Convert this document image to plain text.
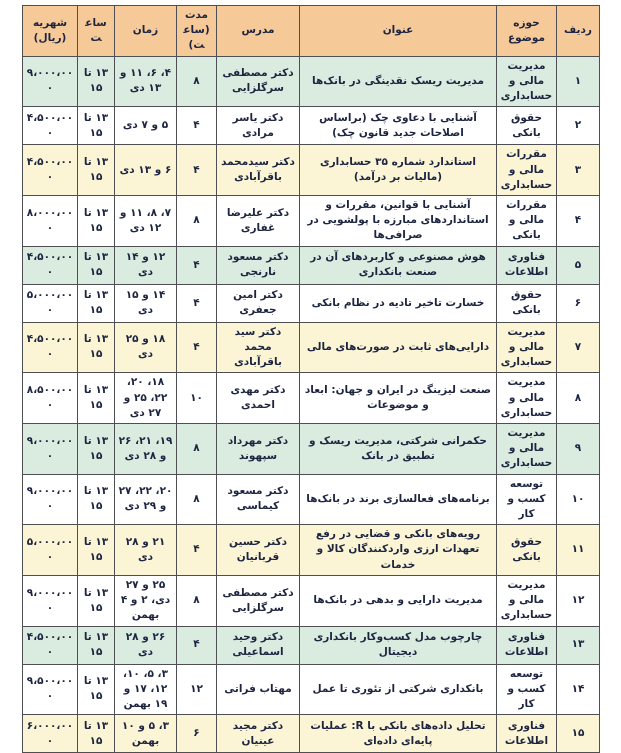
ردیف	حوزه موضوع	عنوان	مدرس	مدت (ساعت)	زمان	ساعت	شهریه (ریال)
۱	مدیریت مالی و حسابداری	مدیریت ریسک نقدینگی در بانک‌ها	دکتر مصطفی سرگلزایی	۸	۴، ۶، ۱۱ و ۱۳ دی	۱۳ تا ۱۵	۹،۰۰۰،۰۰۰
۲	حقوق بانکی	آشنایی با دعاوی چک (براساس اصلاحات جدید قانون چک)	دکتر یاسر مرادی	۴	۵ و ۷ دی	۱۳ تا ۱۵	۴،۵۰۰،۰۰۰
۳	مقررات مالی و حسابداری	استاندارد شماره ۳۵ حسابداری (مالیات بر درآمد)	دکتر سیدمحمد باقرآبادی	۴	۶ و ۱۳ دی	۱۳ تا ۱۵	۴،۵۰۰،۰۰۰
۴	مقررات مالی و بانکی	آشنایی با قوانین، مقررات و استانداردهای مبارزه با پولشویی در صرافی‌ها	دکتر علیرضا غفاری	۸	۷، ۸، ۱۱ و ۱۲ دی	۱۳ تا ۱۵	۸،۰۰۰،۰۰۰
۵	فناوری اطلاعات	هوش مصنوعی و کاربردهای آن در صنعت بانکداری	دکتر مسعود نارنجی	۴	۱۲ و ۱۴ دی	۱۳ تا ۱۵	۴،۵۰۰،۰۰۰
۶	حقوق بانکی	خسارت تاخیر تادیه در نظام بانکی	دکتر امین جعفری	۴	۱۴ و ۱۵ دی	۱۳ تا ۱۵	۵،۰۰۰،۰۰۰
۷	مدیریت مالی و حسابداری	دارایی‌های ثابت در صورت‌های مالی	دکتر سید محمد باقرآبادی	۴	۱۸ و ۲۵ دی	۱۳ تا ۱۵	۴،۵۰۰،۰۰۰
۸	مدیریت مالی و حسابداری	صنعت لیزینگ در ایران و جهان: ابعاد و موضوعات	دکتر مهدی احمدی	۱۰	۱۸، ۲۰، ۲۲، ۲۵ و ۲۷ دی	۱۳ تا ۱۵	۸،۵۰۰،۰۰۰
۹	مدیریت مالی و حسابداری	حکمرانی شرکتی، مدیریت ریسک و تطبیق در بانک	دکتر مهرداد سپهوند	۸	۱۹، ۲۱، ۲۶ و ۲۸ دی	۱۳ تا ۱۵	۹،۰۰۰،۰۰۰
۱۰	توسعه کسب و کار	برنامه‌های فعالسازی برند در بانک‌ها	دکتر مسعود کیماسی	۸	۲۰، ۲۲، ۲۷ و ۲۹ دی	۱۳ تا ۱۵	۹،۰۰۰،۰۰۰
۱۱	حقوق بانکی	رویه‌های بانکی و قضایی در رفع تعهدات ارزی واردکنندگان کالا و خدمات	دکتر حسین قربانیان	۴	۲۱ و ۲۸ دی	۱۳ تا ۱۵	۵،۰۰۰،۰۰۰
۱۲	مدیریت مالی و حسابداری	مدیریت دارایی و بدهی در بانک‌ها	دکتر مصطفی سرگلزایی	۸	۲۵ و ۲۷ دی، ۲ و ۴ بهمن	۱۳ تا ۱۵	۹،۰۰۰،۰۰۰
۱۳	فناوری اطلاعات	چارچوب مدل کسب‌وکار بانکداری دیجیتال	دکتر وحید اسماعیلی	۴	۲۶ و ۲۸ دی	۱۳ تا ۱۵	۴،۵۰۰،۰۰۰
۱۴	توسعه کسب و کار	بانکداری شرکتی از تئوری تا عمل	مهتاب فراتی	۱۲	۳، ۵، ۱۰، ۱۲، ۱۷ و ۱۹ بهمن	۱۳ تا ۱۵	۹،۵۰۰،۰۰۰
۱۵	فناوری اطلاعات	تحلیل داده‌های بانکی با R: عملیات پایه‌ای داده‌ای	دکتر مجید عینیان	۶	۳، ۵ و ۱۰ بهمن	۱۳ تا ۱۵	۶،۰۰۰،۰۰۰
